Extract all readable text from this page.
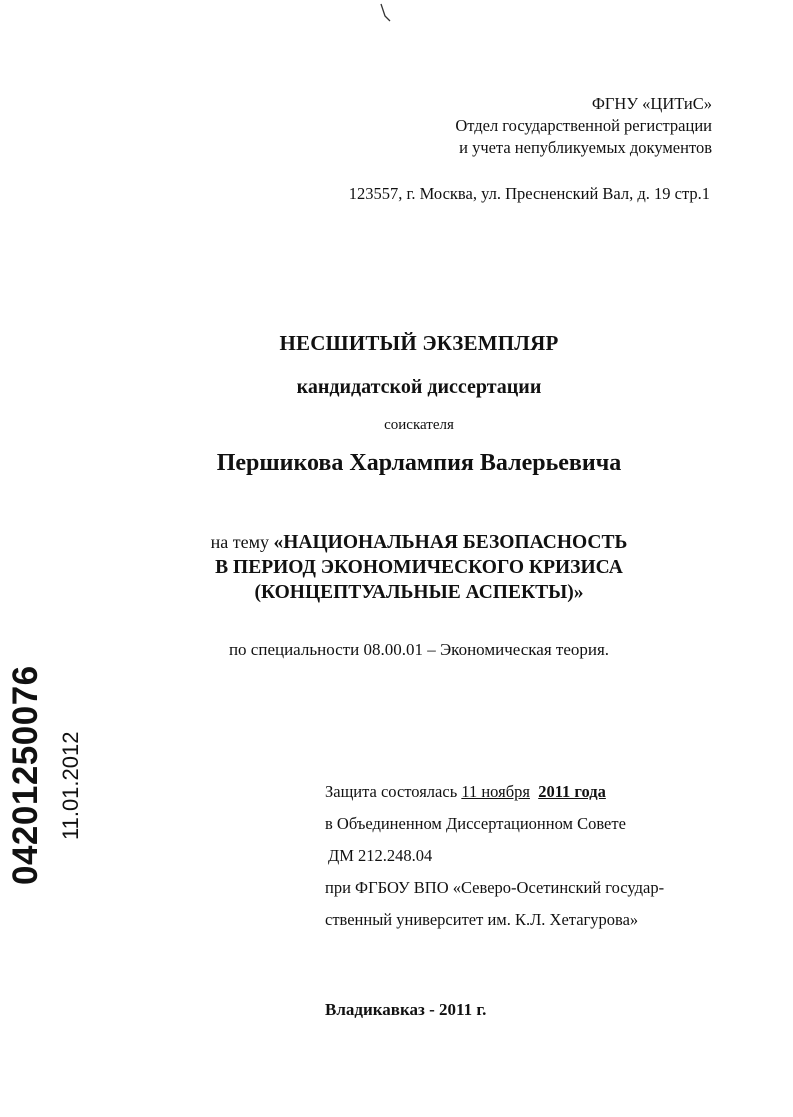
ФГНУ «ЦИТиС»
Отдел государственной регистрации
и учета непубликуемых документов
123557, г. Москва, ул. Пресненский Вал, д. 19 стр.1
НЕСШИТЫЙ ЭКЗЕМПЛЯР
кандидатской диссертации
соискателя
Першикова Харлампия Валерьевича
на тему «НАЦИОНАЛЬНАЯ БЕЗОПАСНОСТЬ
В ПЕРИОД ЭКОНОМИЧЕСКОГО КРИЗИСА
(КОНЦЕПТУАЛЬНЫЕ АСПЕКТЫ)»
по специальности 08.00.01 – Экономическая теория.
Защита состоялась 11 ноября 2011 года
в Объединенном Диссертационном Совете
ДМ 212.248.04
при ФГБОУ ВПО «Северо-Осетинский государ-
ственный университет им. К.Л. Хетагурова»
Владикавказ - 2011 г.
04201250076 11.01.2012
